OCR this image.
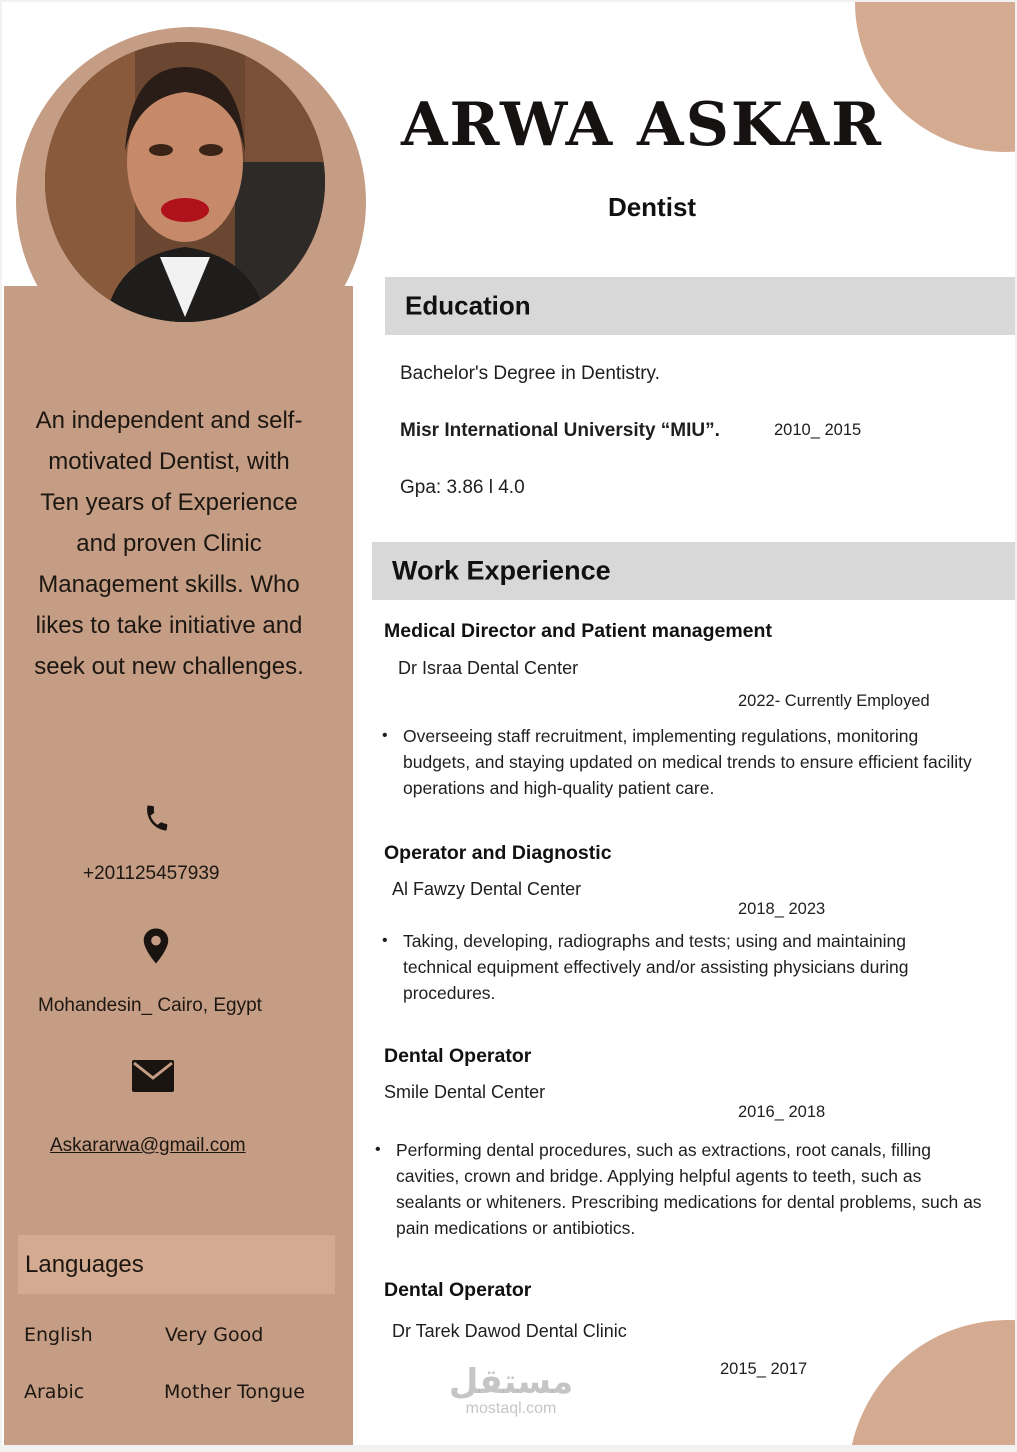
ARWA ASKAR
Dentist
Education
Bachelor's Degree in Dentistry.
Misr International University “MIU”.	2010_ 2015
Gpa: 3.86 l 4.0
Work Experience
Medical Director and Patient management
Dr Israa Dental Center
2022- Currently Employed
• Overseeing staff recruitment, implementing regulations, monitoring budgets, and staying updated on medical trends to ensure efficient facility operations and high-quality patient care.
Operator and Diagnostic
Al Fawzy Dental Center
2018_ 2023
• Taking, developing, radiographs and tests; using and maintaining technical equipment effectively and/or assisting physicians during procedures.
Dental Operator
Smile Dental Center
2016_ 2018
• Performing dental procedures, such as extractions, root canals, filling cavities, crown and bridge. Applying helpful agents to teeth, such as sealants or whiteners. Prescribing medications for dental problems, such as pain medications or antibiotics.
Dental Operator
Dr Tarek Dawod Dental Clinic
2015_ 2017
An independent and self-motivated Dentist, with Ten years of Experience and proven Clinic Management skills. Who likes to take initiative and seek out new challenges.
+201125457939
Mohandesin_ Cairo, Egypt
Askararwa@gmail.com
Languages
English	Very Good
Arabic	Mother Tongue	مستقل
mostaql.com
